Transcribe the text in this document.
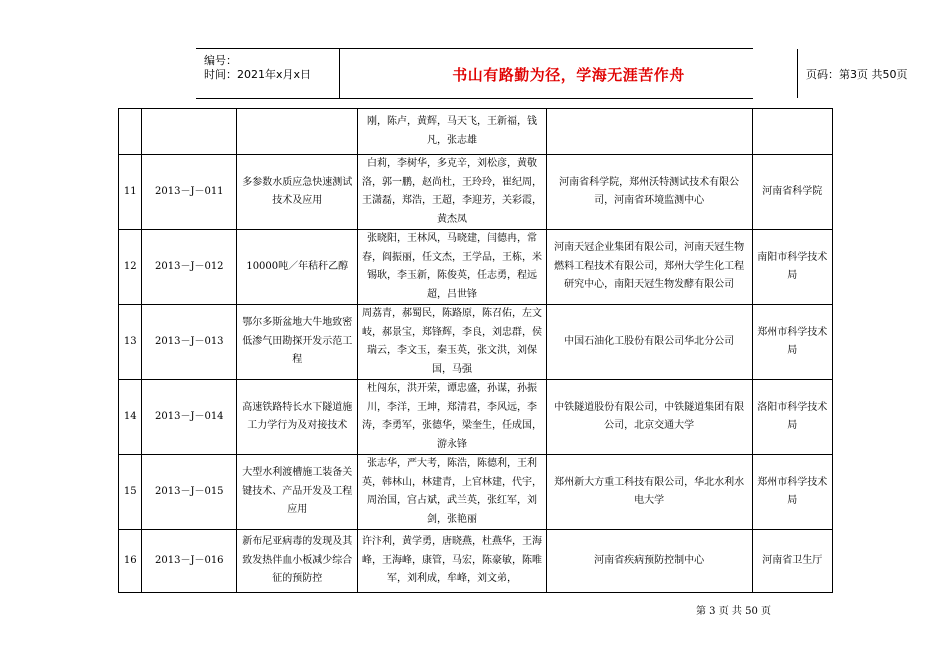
编号：
时间：2021年x月x日	书山有路勤为径，学海无涯苦作舟	页码：第3页 共50页
			刚，陈卢，黄辉，马天飞，王新福，钱凡，张志雄		
11	2013－J－011	多参数水质应急快速测试技术及应用	白莉，李树华，多克辛，刘松彦，黄敬洛，郭一鹏，赵尚杜，王玲玲，崔纪周，王潇磊，郑浩，王超，李迎芳，关彩霞，黄杰凤	河南省科学院，郑州沃特测试技术有限公司，河南省环境监测中心	河南省科学院
12	2013－J－012	10000吨／年秸秆乙醇	张晓阳，王林风，马晓建，闫德冉，常春，阎振丽，任文杰，王学品，王栋，米锡耿，李玉新，陈俊英，任志勇，程远超，吕世锋	河南天冠企业集团有限公司，河南天冠生物燃料工程技术有限公司，郑州大学生化工程研究中心，南阳天冠生物发酵有限公司	南阳市科学技术局
13	2013－J－013	鄂尔多斯盆地大牛地致密低渗气田勘探开发示范工程	周荔青，郝蜀民，陈路原，陈召佑，左文岐，郝景宝，郑锋辉，李良，刘忠群，侯瑞云，李文玉，秦玉英，张文洪，刘保国，马强	中国石油化工股份有限公司华北分公司	郑州市科学技术局
14	2013－J－014	高速铁路特长水下隧道施工力学行为及对接技术	杜闯东，洪开荣，谭忠盛，孙谋，孙振川，李洋，王坤，郑清君，李风远，李涛，李勇军，张德华，梁奎生，任成国，游永锋	中铁隧道股份有限公司，中铁隧道集团有限公司，北京交通大学	洛阳市科学技术局
15	2013－J－015	大型水利渡槽施工装备关键技术、产品开发及工程应用	张志华，严大考，陈浩，陈德利，王利英，韩林山，林建青，上官林建，代宇，周治国，宫占斌，武兰英，张红军，刘剑，张艳丽	郑州新大方重工科技有限公司，华北水利水电大学	郑州市科学技术局
16	2013－J－016	新布尼亚病毒的发现及其致发热伴血小板减少综合征的预防控	许汴利，黄学勇，唐晓燕，杜燕华，王海峰，王海峰，康管，马宏，陈豪敏，陈唯军，刘利成，牟峰，刘文弟，	河南省疾病预防控制中心	河南省卫生厅
第 3 页 共 50 页
